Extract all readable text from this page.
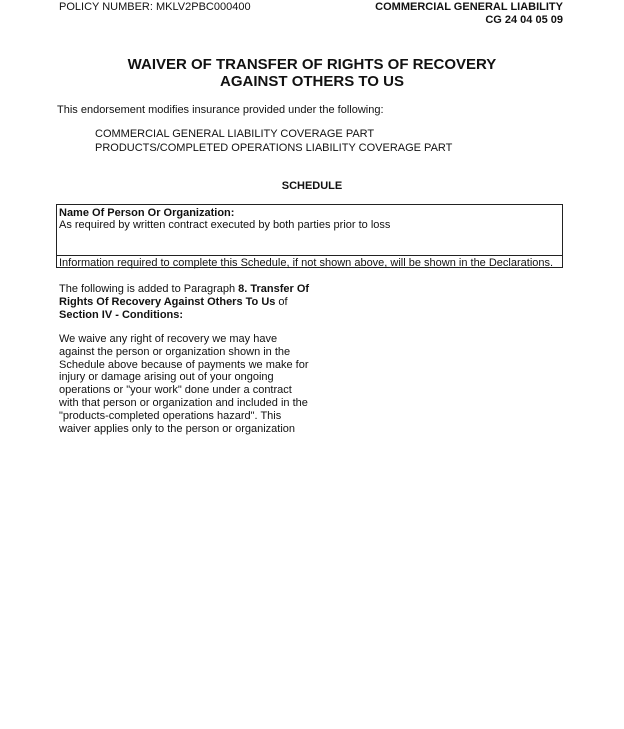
POLICY NUMBER: MKLV2PBC000400	COMMERCIAL GENERAL LIABILITY
CG 24 04 05 09
WAIVER OF TRANSFER OF RIGHTS OF RECOVERY
AGAINST OTHERS TO US
This endorsement modifies insurance provided under the following:
COMMERCIAL GENERAL LIABILITY COVERAGE PART
PRODUCTS/COMPLETED OPERATIONS LIABILITY COVERAGE PART
SCHEDULE
Name Of Person Or Organization:
As required by written contract executed by both parties prior to loss
Information required to complete this Schedule, if not shown above, will be shown in the Declarations.
The following is added to Paragraph 8. Transfer Of Rights Of Recovery Against Others To Us of Section IV - Conditions:
We waive any right of recovery we may have against the person or organization shown in the Schedule above because of payments we make for injury or damage arising out of your ongoing operations or "your work" done under a contract with that person or organization and included in the "products-completed operations hazard". This waiver applies only to the person or organization
